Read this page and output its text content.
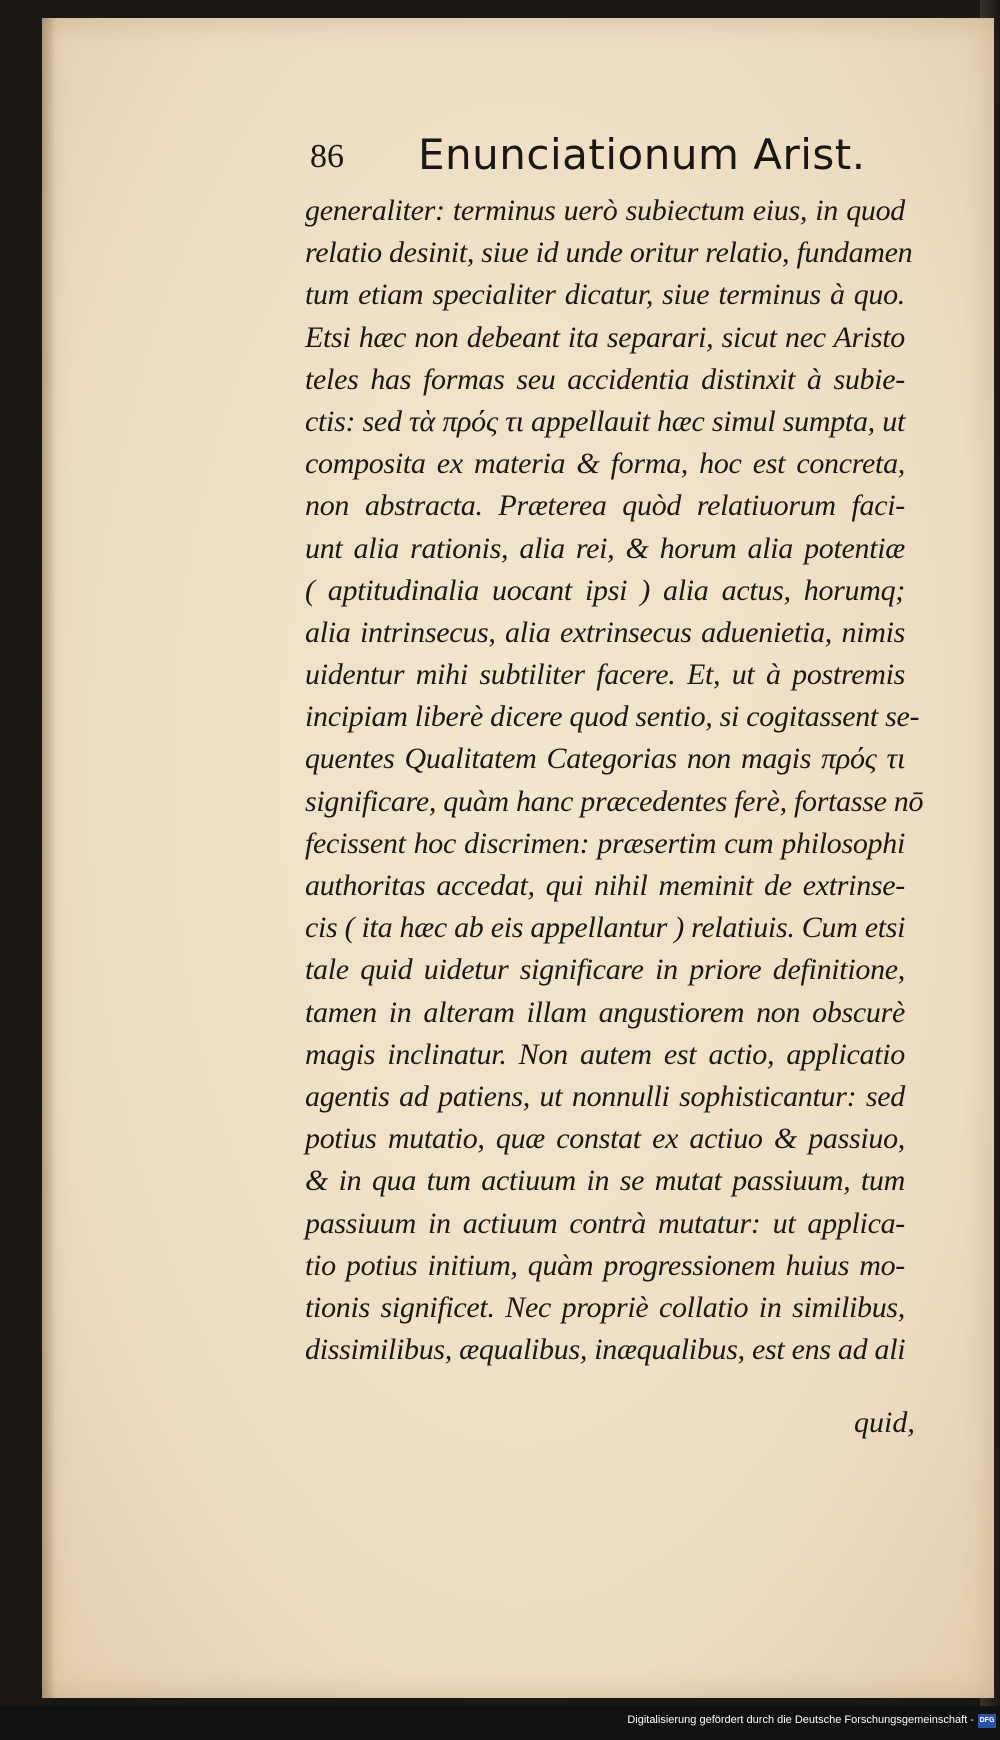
86 Enunciationum Arist.
generaliter: terminus uerò subiectum eius, in quod
relatio desinit, siue id unde oritur relatio, fundamen
tum etiam specialiter dicatur, siue terminus à quo.
Etsi hæc non debeant ita separari, sicut nec Aristo
teles has formas seu accidentia distinxit à subie-
ctis: sed τὰ πρός τι appellauit hæc simul sumpta, ut
composita ex materia & forma, hoc est concreta,
non abstracta. Præterea quòd relatiuorum faci-
unt alia rationis, alia rei, & horum alia potentiæ
( aptitudinalia uocant ipsi ) alia actus, horumq;
alia intrinsecus, alia extrinsecus aduenietia, nimis
uidentur mihi subtiliter facere. Et, ut à postremis
incipiam liberè dicere quod sentio, si cogitassent se-
quentes Qualitatem Categorias non magis πρός τι
significare, quàm hanc præcedentes ferè, fortasse nō
fecissent hoc discrimen: præsertim cum philosophi
authoritas accedat, qui nihil meminit de extrinse-
cis ( ita hæc ab eis appellantur ) relatiuis. Cum etsi
tale quid uidetur significare in priore definitione,
tamen in alteram illam angustiorem non obscurè
magis inclinatur. Non autem est actio, applicatio
agentis ad patiens, ut nonnulli sophisticantur: sed
potius mutatio, quæ constat ex actiuo & passiuo,
& in qua tum actiuum in se mutat passiuum, tum
passiuum in actiuum contrà mutatur: ut applica-
tio potius initium, quàm progressionem huius mo-
tionis significet. Nec propriè collatio in similibus,
dissimilibus, æqualibus, inæqualibus, est ens ad ali
quid,
Digitalisierung gefördert durch die Deutsche Forschungsgemeinschaft - DFG
